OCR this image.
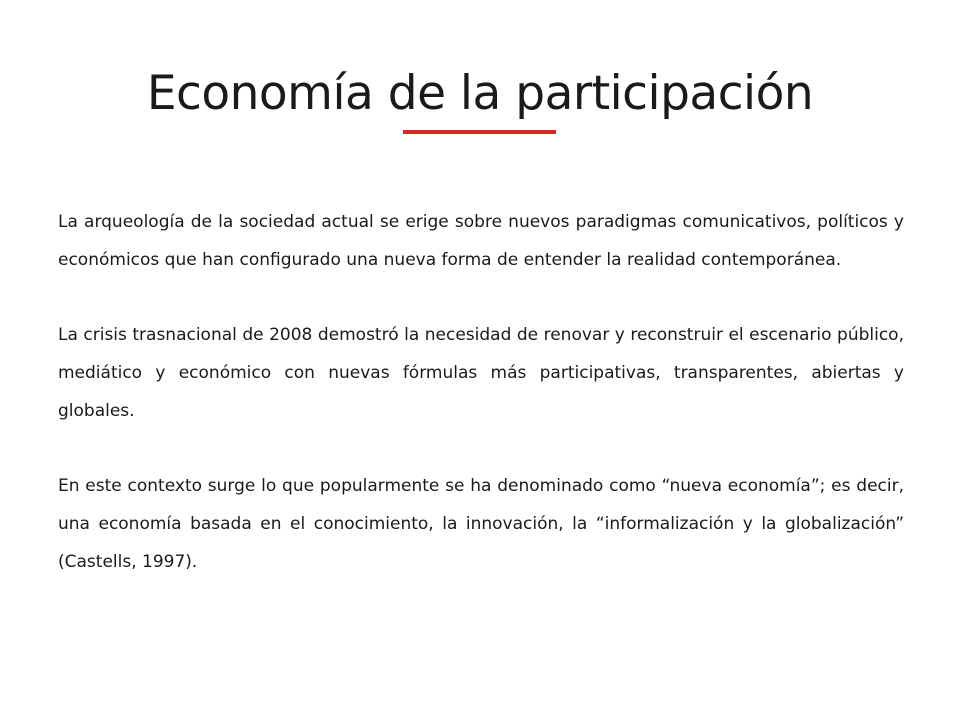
Economía de la participación

La arqueología de la sociedad actual se erige sobre nuevos paradigmas comunicativos, políticos y económicos que han configurado una nueva forma de entender la realidad contemporánea.

La crisis trasnacional de 2008 demostró la necesidad de renovar y reconstruir el escenario público, mediático y económico con nuevas fórmulas más participativas, transparentes, abiertas y globales.

En este contexto surge lo que popularmente se ha denominado como “nueva economía”; es decir, una economía basada en el conocimiento, la innovación, la “informalización y la globalización” (Castells, 1997).
